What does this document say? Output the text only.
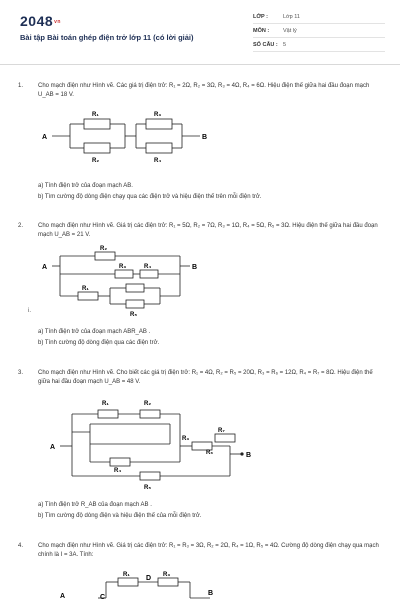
2048vn
Bài tập Bài toán ghép điện trở lớp 11 (có lời giải)
LỚP :	Lớp 11
MÔN :	Vật lý
SỐ CÂU : 5
1. Cho mạch điện như Hình vẽ. Các giá trị điện trở: R₁ = 2Ω, R₂ = 3Ω, R₃ = 4Ω, R₄ = 6Ω. Hiệu điện thế giữa hai đầu đoạn mạch U_AB = 18 V.
A	B
R₁
R₂
R₃
R₄
a) Tính điện trở của đoạn mạch AB.
b) Tìm cường độ dòng điện chạy qua các điện trở và hiệu điện thế trên mỗi điện trở.
2. Cho mạch điện như Hình vẽ. Giá trị các điện trở: R₁ = 5Ω, R₂ = 7Ω, R₃ = 1Ω, R₄ = 5Ω, R₅ = 3Ω. Hiệu điện thế giữa hai đầu đoạn mạch U_AB = 21 V.
A	B
R₂
R₃	R₄
R₁
R₅
i.
a) Tính điện trở của đoạn mạch ABR_AB .
b) Tính cường độ dòng điện qua các điện trở.
3. Cho mạch điện như Hình vẽ. Cho biết các giá trị điện trở: R₁ = 4Ω, R₂ = R₅ = 20Ω, R₃ = R₆ = 12Ω, R₄ = R₇ = 8Ω. Hiệu điện thế giữa hai đầu đoạn mạch U_AB = 48 V.
A
B
R₁	R₂
R₃
R₄
R₅
R₆
R₇
a) Tính điện trở R_AB của đoạn mạch AB .
b) Tìm cường độ dòng điện và hiệu điện thế của mỗi điện trở.
4. Cho mạch điện như Hình vẽ. Giá trị các điện trở: R₁ = R₃ = 3Ω, R₂ = 2Ω, R₄ = 1Ω, R₅ = 4Ω. Cường độ dòng điện chạy qua mạch chính là I = 3A. Tính:
A	B
C
D
R₁	R₃
